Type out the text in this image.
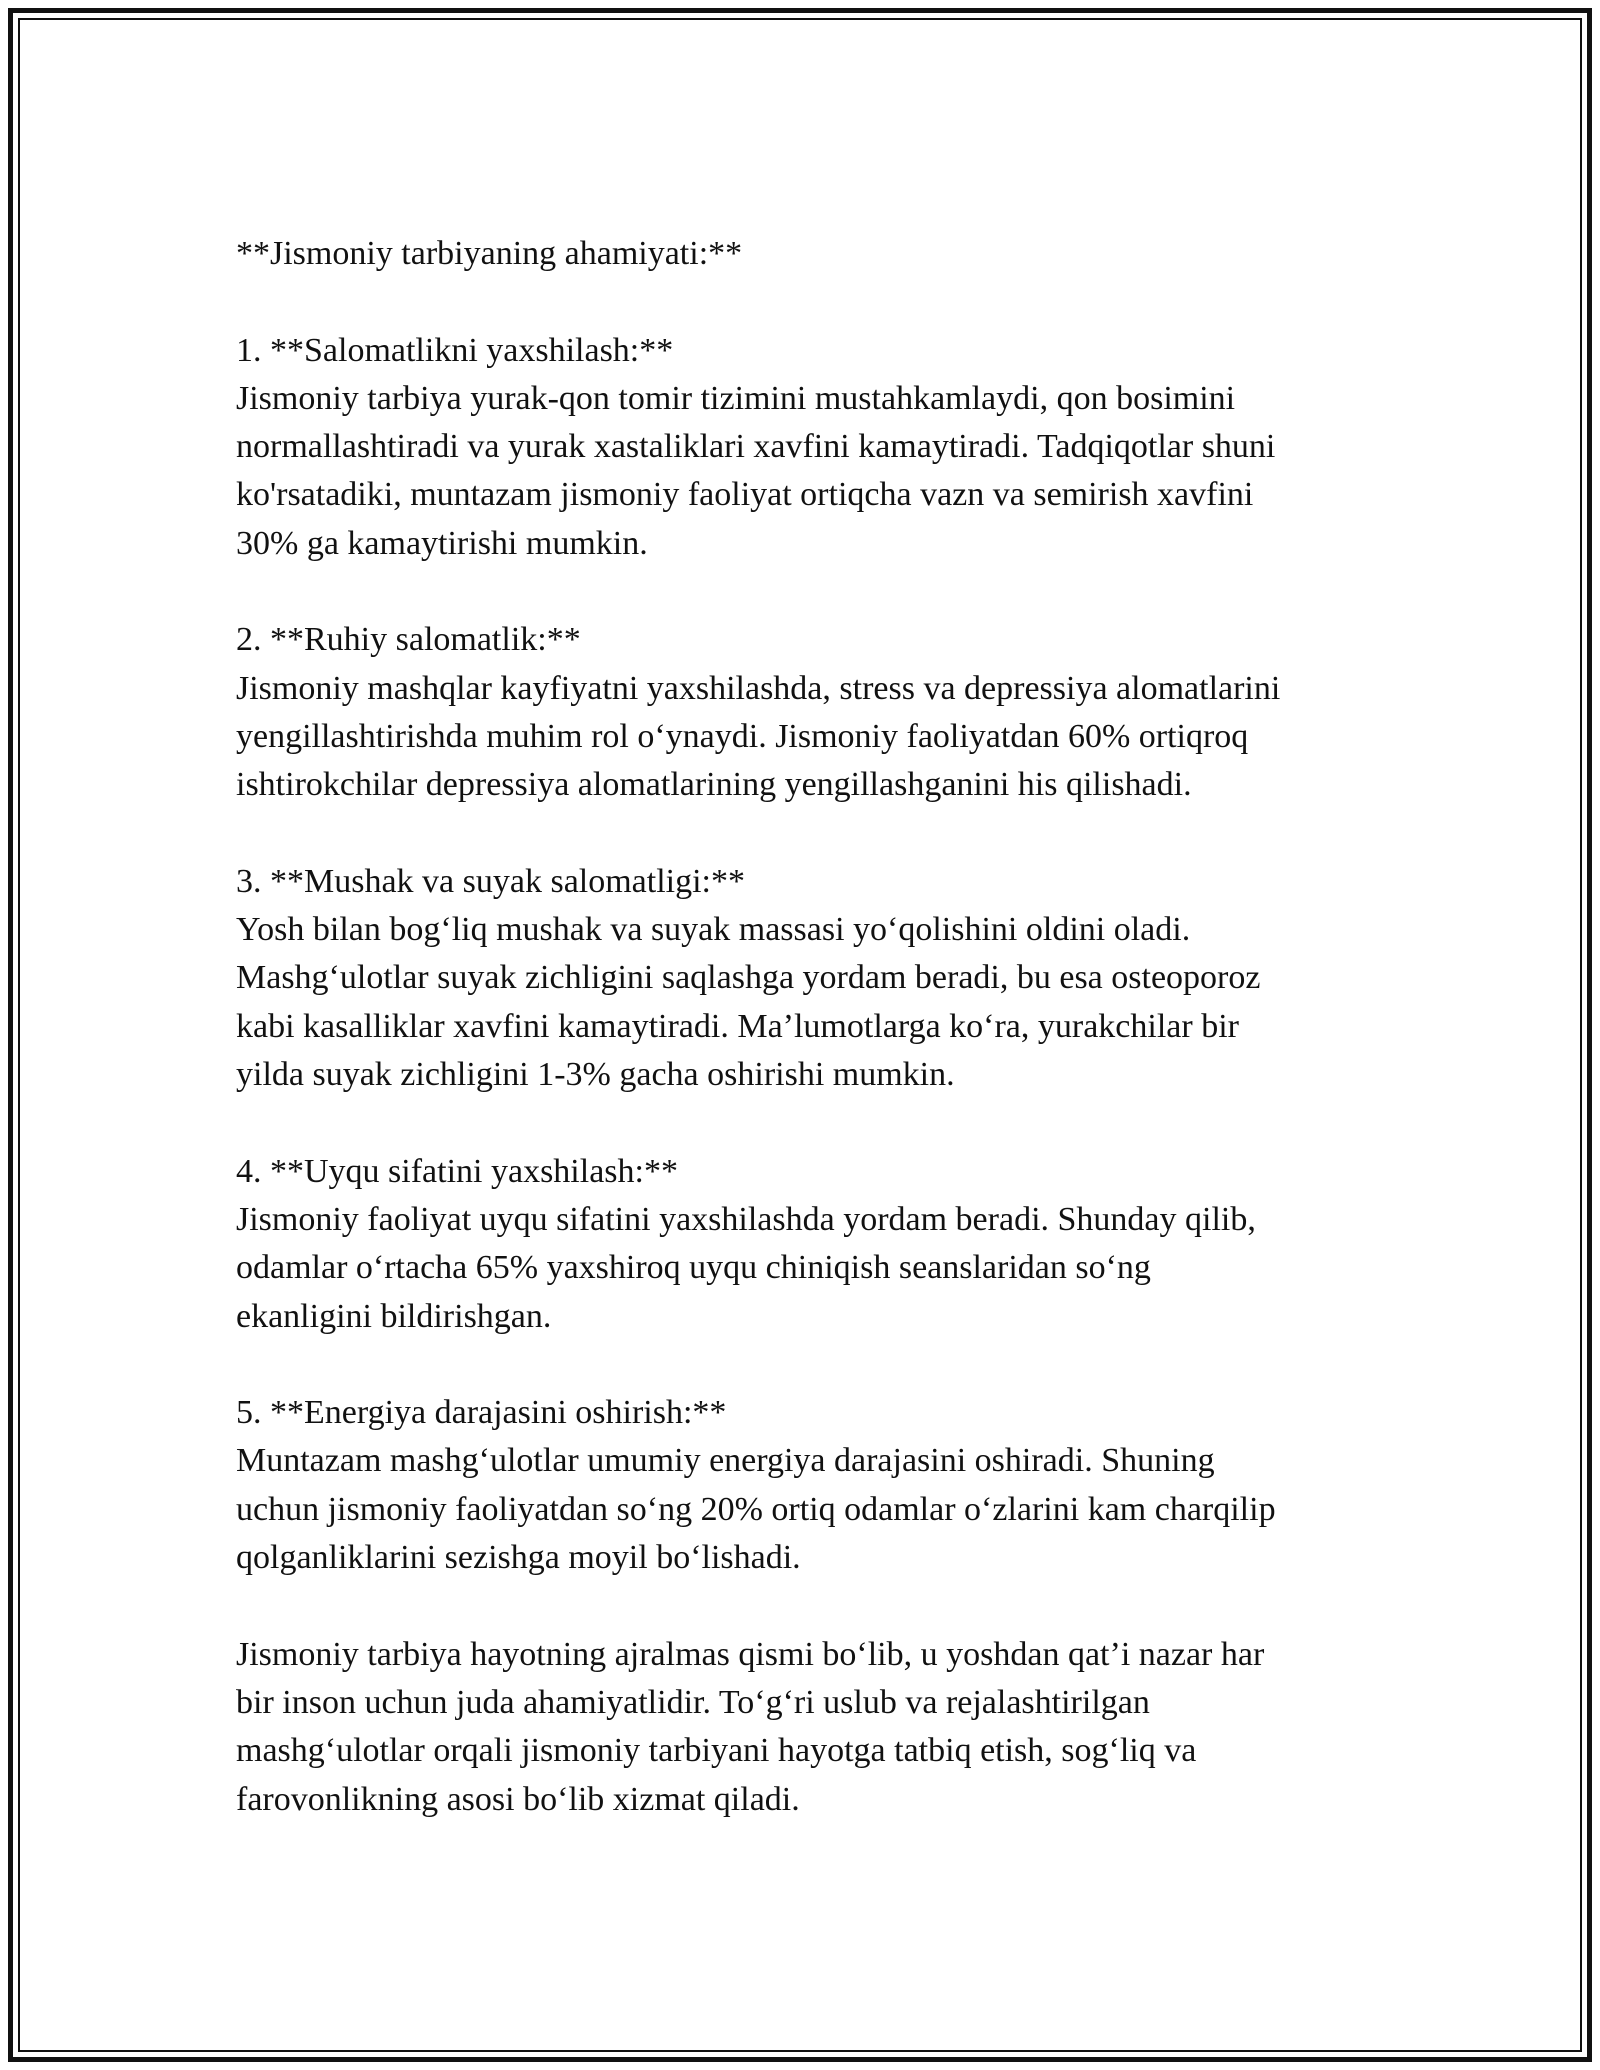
**Jismoniy tarbiyaning ahamiyati:**
1. **Salomatlikni yaxshilash:**
Jismoniy tarbiya yurak-qon tomir tizimini mustahkamlaydi, qon bosimini
normallashtiradi va yurak xastaliklari xavfini kamaytiradi. Tadqiqotlar shuni
ko'rsatadiki, muntazam jismoniy faoliyat ortiqcha vazn va semirish xavfini
30% ga kamaytirishi mumkin.
2. **Ruhiy salomatlik:**
Jismoniy mashqlar kayfiyatni yaxshilashda, stress va depressiya alomatlarini
yengillashtirishda muhim rol o‘ynaydi. Jismoniy faoliyatdan 60% ortiqroq
ishtirokchilar depressiya alomatlarining yengillashganini his qilishadi.
3. **Mushak va suyak salomatligi:**
Yosh bilan bog‘liq mushak va suyak massasi yo‘qolishini oldini oladi.
Mashg‘ulotlar suyak zichligini saqlashga yordam beradi, bu esa osteoporoz
kabi kasalliklar xavfini kamaytiradi. Ma’lumotlarga ko‘ra, yurakchilar bir
yilda suyak zichligini 1-3% gacha oshirishi mumkin.
4. **Uyqu sifatini yaxshilash:**
Jismoniy faoliyat uyqu sifatini yaxshilashda yordam beradi. Shunday qilib,
odamlar o‘rtacha 65% yaxshiroq uyqu chiniqish seanslaridan so‘ng
ekanligini bildirishgan.
5. **Energiya darajasini oshirish:**
Muntazam mashg‘ulotlar umumiy energiya darajasini oshiradi. Shuning
uchun jismoniy faoliyatdan so‘ng 20% ortiq odamlar o‘zlarini kam charqilip
qolganliklarini sezishga moyil bo‘lishadi.
Jismoniy tarbiya hayotning ajralmas qismi bo‘lib, u yoshdan qat’i nazar har
bir inson uchun juda ahamiyatlidir. To‘g‘ri uslub va rejalashtirilgan
mashg‘ulotlar orqali jismoniy tarbiyani hayotga tatbiq etish, sog‘liq va
farovonlikning asosi bo‘lib xizmat qiladi.
